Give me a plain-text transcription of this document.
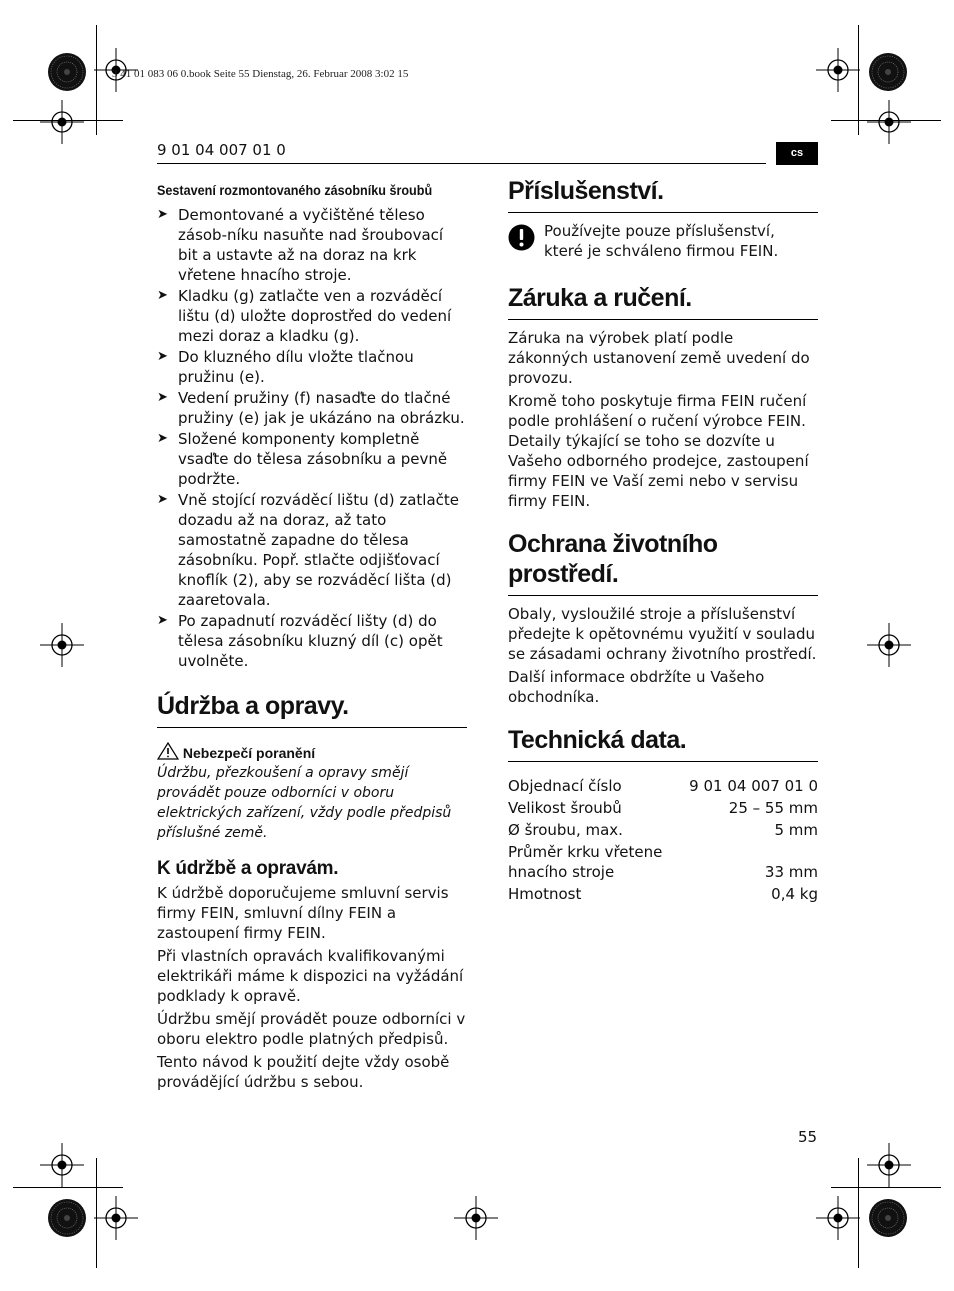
3 41 01 083 06 0.book Seite 55 Dienstag, 26. Februar 2008 3:02 15
9 01 04 007 01 0	cs
Sestavení rozmontovaného zásobníku šroubů
➤ Demontované a vyčištěné těleso zásob-níku nasuňte nad šroubovací bit a ustavte až na doraz na krk vřetene hnacího stroje.
➤ Kladku (g) zatlačte ven a rozváděcí lištu (d) uložte doprostřed do vedení mezi doraz a kladku (g).
➤ Do kluzného dílu vložte tlačnou pružinu (e).
➤ Vedení pružiny (f) nasaďte do tlačné pružiny (e) jak je ukázáno na obrázku.
➤ Složené komponenty kompletně vsaďte do tělesa zásobníku a pevně podržte.
➤ Vně stojící rozváděcí lištu (d) zatlačte dozadu až na doraz, až tato samostatně zapadne do tělesa zásobníku. Popř. stlačte odjišťovací knoflík (2), aby se rozváděcí lišta (d) zaaretovala.
➤ Po zapadnutí rozváděcí lišty (d) do tělesa zásobníku kluzný díl (c) opět uvolněte.
Údržba a opravy.
Nebezpečí poranění
Údržbu, přezkoušení a opravy smějí provádět pouze odborníci v oboru elektrických zařízení, vždy podle předpisů příslušné země.
K údržbě a opravám.

K údržbě doporučujeme smluvní servis firmy FEIN, smluvní dílny FEIN a zastoupení firmy FEIN.

Při vlastních opravách kvalifikovanými elektrikáři máme k dispozici na vyžádání podklady k opravě.

Údržbu smějí provádět pouze odborníci v oboru elektro podle platných předpisů.

Tento návod k použití dejte vždy osobě provádějící údržbu s sebou.

Příslušenství.
Používejte pouze příslušenství, které je schváleno firmou FEIN.
Záruka a ručení.

Záruka na výrobek platí podle zákonných ustanovení země uvedení do provozu.

Kromě toho poskytuje firma FEIN ručení podle prohlášení o ručení výrobce FEIN. Detaily týkající se toho se dozvíte u Vašeho odborného prodejce, zastoupení firmy FEIN ve Vaší zemi nebo v servisu firmy FEIN.

Ochrana životního prostředí.

Obaly, vysloužilé stroje a příslušenství předejte k opětovnému využití v souladu se zásadami ochrany životního prostředí.

Další informace obdržíte u Vašeho obchodníka.

Technická data.
Objednací číslo	9 01 04 007 01 0
Velikost šroubů	25 – 55 mm
Ø šroubu, max.	5 mm
Průměr krku vřetene hnacího stroje	33 mm
Hmotnost	0,4 kg
55
